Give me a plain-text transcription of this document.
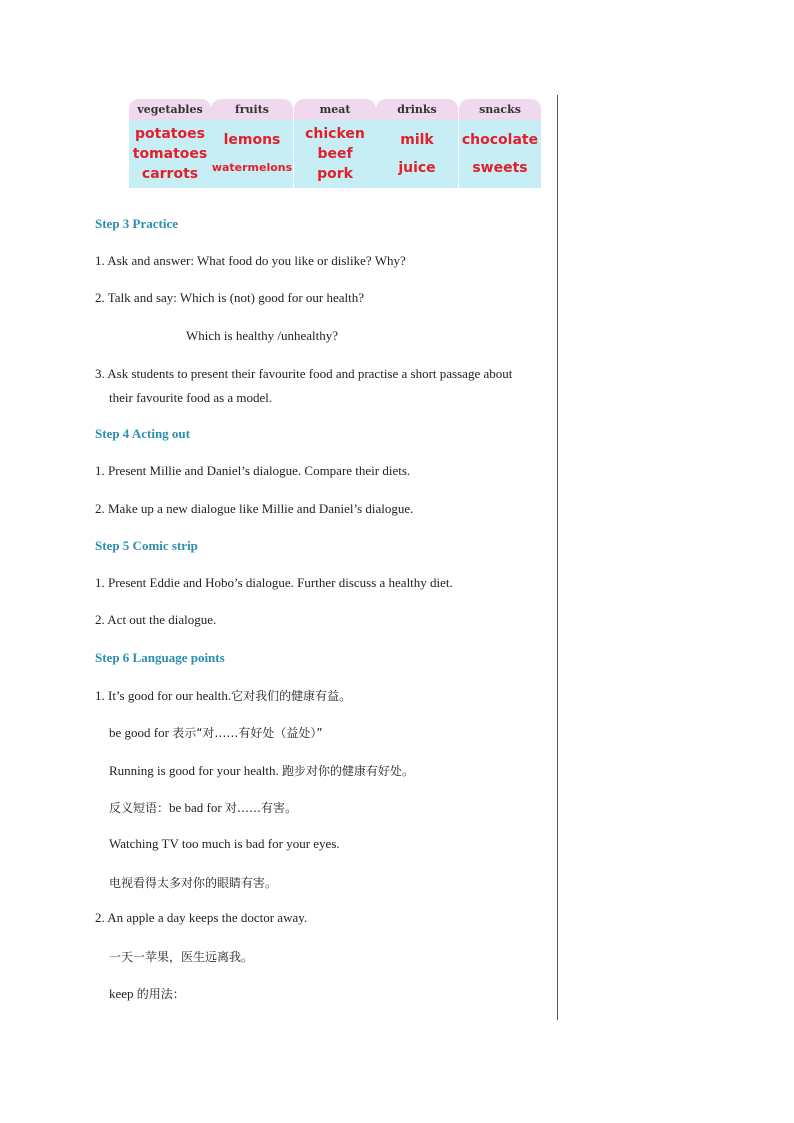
vegetables
potatoes
tomatoes
carrots
fruits
lemons
watermelons
meat
chicken
beef
pork
drinks
milk
juice
snacks
chocolate
sweets
Step 3 Practice
1. Ask and answer: What food do you like or dislike? Why?
2. Talk and say: Which is (not) good for our health?
Which is healthy /unhealthy?
3. Ask students to present their favourite food and practise a short passage about
their favourite food as a model.
Step 4 Acting out
1. Present Millie and Daniel’s dialogue. Compare their diets.
2. Make up a new dialogue like Millie and Daniel’s dialogue.
Step 5 Comic strip
1. Present Eddie and Hobo’s dialogue. Further discuss a healthy diet.
2. Act out the dialogue.
Step 6 Language points
1. It’s good for our health.它对我们的健康有益。
be good for 表示“对……有好处（益处）”
Running is good for your health. 跑步对你的健康有好处。
反义短语：be bad for 对……有害。
Watching TV too much is bad for your eyes.
电视看得太多对你的眼睛有害。
2. An apple a day keeps the doctor away.
一天一苹果，医生远离我。
keep 的用法：
